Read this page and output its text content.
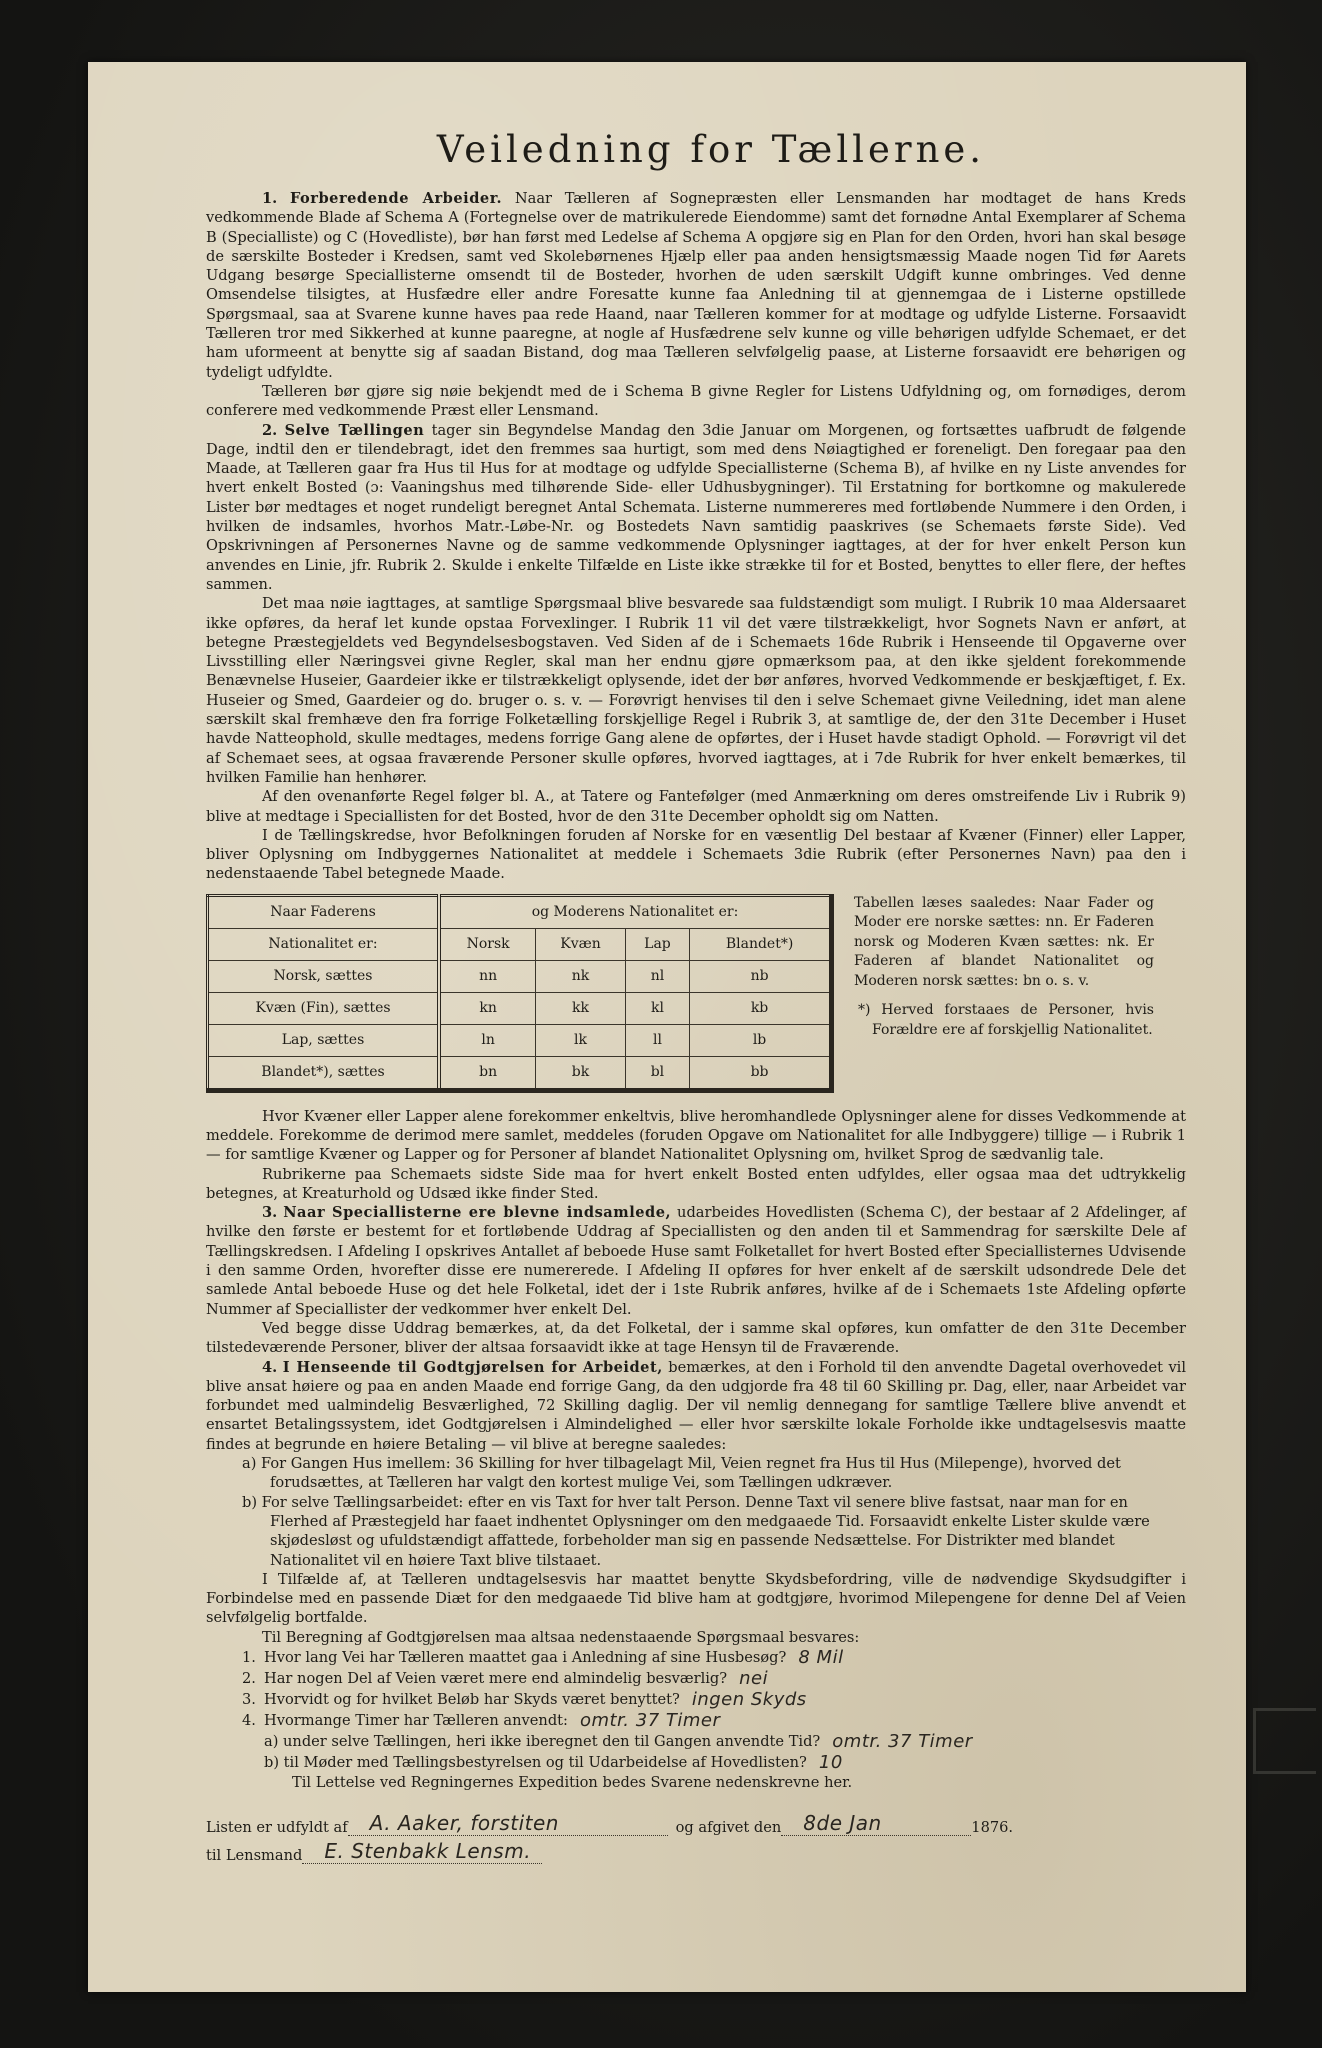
Veiledning for Tællerne.

1. Forberedende Arbeider. Naar Tælleren af Sognepræsten eller Lensmanden har modtaget de hans Kreds vedkommende Blade af Schema A (Fortegnelse over de matrikulerede Eiendomme) samt det fornødne Antal Exemplarer af Schema B (Specialliste) og C (Hovedliste), bør han først med Ledelse af Schema A opgjøre sig en Plan for den Orden, hvori han skal besøge de særskilte Bosteder i Kredsen, samt ved Skolebørnenes Hjælp eller paa anden hensigtsmæssig Maade nogen Tid før Aarets Udgang besørge Speciallisterne omsendt til de Bosteder, hvorhen de uden særskilt Udgift kunne ombringes. Ved denne Omsendelse tilsigtes, at Husfædre eller andre Foresatte kunne faa Anledning til at gjennemgaa de i Listerne opstillede Spørgsmaal, saa at Svarene kunne haves paa rede Haand, naar Tælleren kommer for at modtage og udfylde Listerne. Forsaavidt Tælleren tror med Sikkerhed at kunne paaregne, at nogle af Husfædrene selv kunne og ville behørigen udfylde Schemaet, er det ham uformeent at benytte sig af saadan Bistand, dog maa Tælleren selvfølgelig paase, at Listerne forsaavidt ere behørigen og tydeligt udfyldte.

Tælleren bør gjøre sig nøie bekjendt med de i Schema B givne Regler for Listens Udfyldning og, om fornødiges, derom conferere med vedkommende Præst eller Lensmand.

2. Selve Tællingen tager sin Begyndelse Mandag den 3die Januar om Morgenen, og fortsættes uafbrudt de følgende Dage, indtil den er tilendebragt, idet den fremmes saa hurtigt, som med dens Nøiagtighed er foreneligt. Den foregaar paa den Maade, at Tælleren gaar fra Hus til Hus for at modtage og udfylde Speciallisterne (Schema B), af hvilke en ny Liste anvendes for hvert enkelt Bosted (ɔ: Vaaningshus med tilhørende Side- eller Udhusbygninger). Til Erstatning for bortkomne og makulerede Lister bør medtages et noget rundeligt beregnet Antal Schemata. Listerne nummereres med fortløbende Nummere i den Orden, i hvilken de indsamles, hvorhos Matr.-Løbe-Nr. og Bostedets Navn samtidig paaskrives (se Schemaets første Side). Ved Opskrivningen af Personernes Navne og de samme vedkommende Oplysninger iagttages, at der for hver enkelt Person kun anvendes en Linie, jfr. Rubrik 2. Skulde i enkelte Tilfælde en Liste ikke strække til for et Bosted, benyttes to eller flere, der heftes sammen.

Det maa nøie iagttages, at samtlige Spørgsmaal blive besvarede saa fuldstændigt som muligt. I Rubrik 10 maa Aldersaaret ikke opføres, da heraf let kunde opstaa Forvexlinger. I Rubrik 11 vil det være tilstrækkeligt, hvor Sognets Navn er anført, at betegne Præstegjeldets ved Begyndelsesbogstaven. Ved Siden af de i Schemaets 16de Rubrik i Henseende til Opgaverne over Livsstilling eller Næringsvei givne Regler, skal man her endnu gjøre opmærksom paa, at den ikke sjeldent forekommende Benævnelse Huseier, Gaardeier ikke er tilstrækkeligt oplysende, idet der bør anføres, hvorved Vedkommende er beskjæftiget, f. Ex. Huseier og Smed, Gaardeier og do. bruger o. s. v. — Forøvrigt henvises til den i selve Schemaet givne Veiledning, idet man alene særskilt skal fremhæve den fra forrige Folketælling forskjellige Regel i Rubrik 3, at samtlige de, der den 31te December i Huset havde Natteophold, skulle medtages, medens forrige Gang alene de opførtes, der i Huset havde stadigt Ophold. — Forøvrigt vil det af Schemaet sees, at ogsaa fraværende Personer skulle opføres, hvorved iagttages, at i 7de Rubrik for hver enkelt bemærkes, til hvilken Familie han henhører.

Af den ovenanførte Regel følger bl. A., at Tatere og Fantefølger (med Anmærkning om deres omstreifende Liv i Rubrik 9) blive at medtage i Speciallisten for det Bosted, hvor de den 31te December opholdt sig om Natten.

I de Tællingskredse, hvor Befolkningen foruden af Norske for en væsentlig Del bestaar af Kvæner (Finner) eller Lapper, bliver Oplysning om Indbyggernes Nationalitet at meddele i Schemaets 3die Rubrik (efter Personernes Navn) paa den i nedenstaaende Tabel betegnede Maade.

Naar Faderens	og Moderens Nationalitet er:			
Nationalitet er:	Norsk	Kvæn	Lap	Blandet*)
Norsk, sættes	nn	nk	nl	nb
Kvæn (Fin), sættes	kn	kk	kl	kb
Lap, sættes	ln	lk	ll	lb
Blandet*), sættes	bn	bk	bl	bb

Tabellen læses saaledes: Naar Fader og Moder ere norske sættes: nn. Er Faderen norsk og Moderen Kvæn sættes: nk. Er Faderen af blandet Nationalitet og Moderen norsk sættes: bn o. s. v.

*) Herved forstaaes de Personer, hvis Forældre ere af forskjellig Nationalitet.

Hvor Kvæner eller Lapper alene forekommer enkeltvis, blive heromhandlede Oplysninger alene for disses Vedkommende at meddele. Forekomme de derimod mere samlet, meddeles (foruden Opgave om Nationalitet for alle Indbyggere) tillige — i Rubrik 1 — for samtlige Kvæner og Lapper og for Personer af blandet Nationalitet Oplysning om, hvilket Sprog de sædvanlig tale.

Rubrikerne paa Schemaets sidste Side maa for hvert enkelt Bosted enten udfyldes, eller ogsaa maa det udtrykkelig betegnes, at Kreaturhold og Udsæd ikke finder Sted.

3. Naar Speciallisterne ere blevne indsamlede, udarbeides Hovedlisten (Schema C), der bestaar af 2 Afdelinger, af hvilke den første er bestemt for et fortløbende Uddrag af Speciallisten og den anden til et Sammendrag for særskilte Dele af Tællingskredsen. I Afdeling I opskrives Antallet af beboede Huse samt Folketallet for hvert Bosted efter Speciallisternes Udvisende i den samme Orden, hvorefter disse ere numererede. I Afdeling II opføres for hver enkelt af de særskilt udsondrede Dele det samlede Antal beboede Huse og det hele Folketal, idet der i 1ste Rubrik anføres, hvilke af de i Schemaets 1ste Afdeling opførte Nummer af Speciallister der vedkommer hver enkelt Del.

Ved begge disse Uddrag bemærkes, at, da det Folketal, der i samme skal opføres, kun omfatter de den 31te December tilstedeværende Personer, bliver der altsaa forsaavidt ikke at tage Hensyn til de Fraværende.

4. I Henseende til Godtgjørelsen for Arbeidet, bemærkes, at den i Forhold til den anvendte Dagetal overhovedet vil blive ansat høiere og paa en anden Maade end forrige Gang, da den udgjorde fra 48 til 60 Skilling pr. Dag, eller, naar Arbeidet var forbundet med ualmindelig Besværlighed, 72 Skilling daglig. Der vil nemlig dennegang for samtlige Tællere blive anvendt et ensartet Betalingssystem, idet Godtgjørelsen i Almindelighed — eller hvor særskilte lokale Forholde ikke undtagelsesvis maatte findes at begrunde en høiere Betaling — vil blive at beregne saaledes:

a) For Gangen Hus imellem: 36 Skilling for hver tilbagelagt Mil, Veien regnet fra Hus til Hus (Milepenge), hvorved det forudsættes, at Tælleren har valgt den kortest mulige Vei, som Tællingen udkræver.

b) For selve Tællingsarbeidet: efter en vis Taxt for hver talt Person. Denne Taxt vil senere blive fastsat, naar man for en Flerhed af Præstegjeld har faaet indhentet Oplysninger om den medgaaede Tid. Forsaavidt enkelte Lister skulde være skjødesløst og ufuldstændigt affattede, forbeholder man sig en passende Nedsættelse. For Distrikter med blandet Nationalitet vil en høiere Taxt blive tilstaaet.

I Tilfælde af, at Tælleren undtagelsesvis har maattet benytte Skydsbefordring, ville de nødvendige Skydsudgifter i Forbindelse med en passende Diæt for den medgaaede Tid blive ham at godtgjøre, hvorimod Milepengene for denne Del af Veien selvfølgelig bortfalde.

Til Beregning af Godtgjørelsen maa altsaa nedenstaaende Spørgsmaal besvares:

1. Hvor lang Vei har Tælleren maattet gaa i Anledning af sine Husbesøg? 8 Mil
2. Har nogen Del af Veien været mere end almindelig besværlig? nei
3. Hvorvidt og for hvilket Beløb har Skyds været benyttet? ingen Skyds
4. Hvormange Timer har Tælleren anvendt: omtr. 37 Timer
a) under selve Tællingen, heri ikke iberegnet den til Gangen anvendte Tid? omtr. 37 Timer
b) til Møder med Tællingsbestyrelsen og til Udarbeidelse af Hovedlisten? 10

Til Lettelse ved Regningernes Expedition bedes Svarene nedenskrevne her.

Listen er udfyldt af A. Aaker, forstiten	og afgivet den 8de Jan	1876.
til Lensmand E. Stenbakk Lensm.
